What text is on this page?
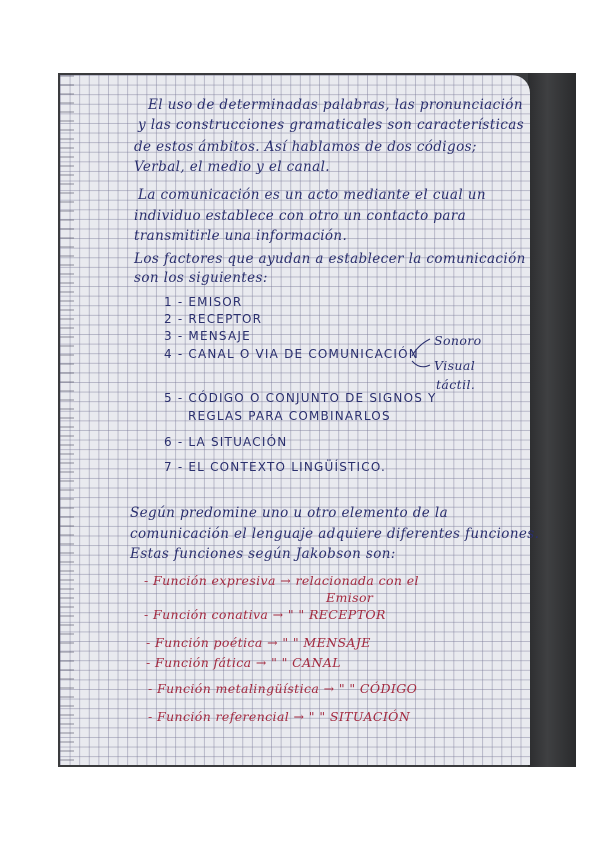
El uso de determinadas palabras, las pronunciación
y las construcciones gramaticales son características
de estos ámbitos. Así hablamos de dos códigos;
Verbal, el medio y el canal.
La comunicación es un acto mediante el cual un
individuo establece con otro un contacto para
transmitirle una información.
Los factores que ayudan a establecer la comunicación
son los siguientes:
1 - EMISOR
2 - RECEPTOR
3 - MENSAJE
4 - CANAL O VIA DE COMUNICACIÓN
Sonoro
Visual
táctil.
5 - CÓDIGO O CONJUNTO DE SIGNOS Y
REGLAS PARA COMBINARLOS
6 - LA SITUACIÓN
7 - EL CONTEXTO LINGÜÍSTICO.
Según predomine uno u otro elemento de la
comunicación el lenguaje adquiere diferentes funciones.
Estas funciones según Jakobson son:
- Función expresiva → relacionada con el
Emisor
- Función conativa → " " RECEPTOR
- Función poética → " " MENSAJE
- Función fática → " " CANAL
- Función metalingüística → " " CÓDIGO
- Función referencial → " " SITUACIÓN
